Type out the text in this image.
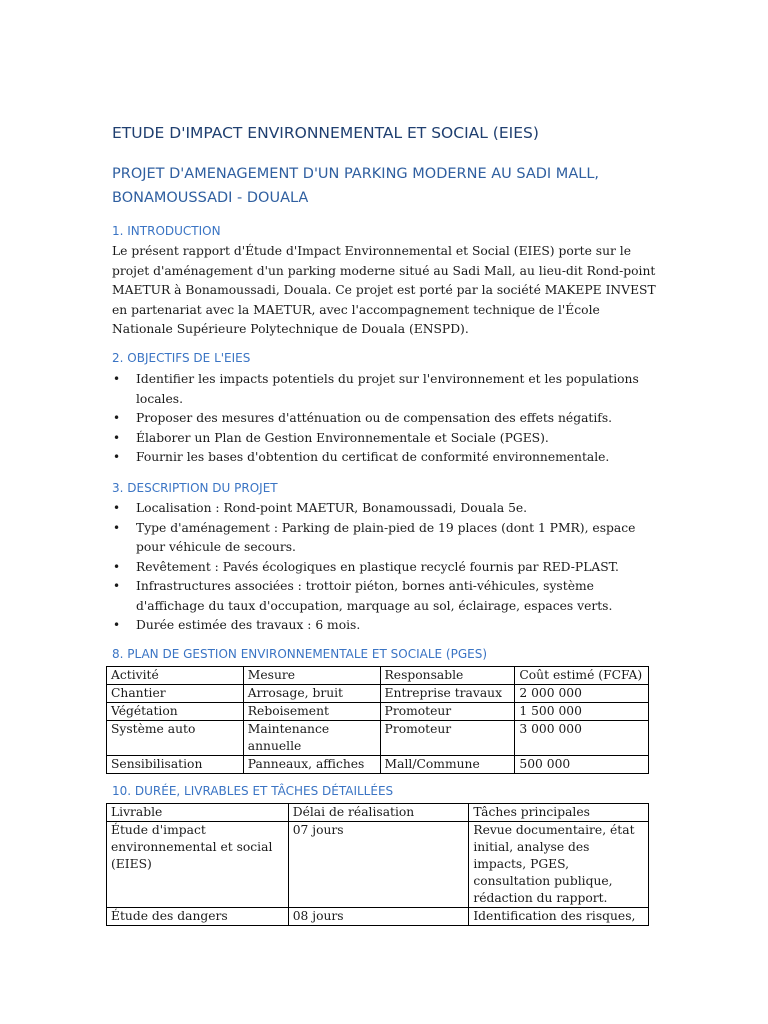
ETUDE D'IMPACT ENVIRONNEMENTAL ET SOCIAL (EIES)
PROJET D'AMENAGEMENT D'UN PARKING MODERNE AU SADI MALL, BONAMOUSSADI - DOUALA
1. INTRODUCTION
Le présent rapport d'Étude d'Impact Environnemental et Social (EIES) porte sur le projet d'aménagement d'un parking moderne situé au Sadi Mall, au lieu-dit Rond-point MAETUR à Bonamoussadi, Douala. Ce projet est porté par la société MAKEPE INVEST en partenariat avec la MAETUR, avec l'accompagnement technique de l'École Nationale Supérieure Polytechnique de Douala (ENSPD).
2. OBJECTIFS DE L'EIES
• Identifier les impacts potentiels du projet sur l'environnement et les populations locales.
• Proposer des mesures d'atténuation ou de compensation des effets négatifs.
• Élaborer un Plan de Gestion Environnementale et Sociale (PGES).
• Fournir les bases d'obtention du certificat de conformité environnementale.
3. DESCRIPTION DU PROJET
• Localisation : Rond-point MAETUR, Bonamoussadi, Douala 5e.
• Type d'aménagement : Parking de plain-pied de 19 places (dont 1 PMR), espace pour véhicule de secours.
• Revêtement : Pavés écologiques en plastique recyclé fournis par RED-PLAST.
• Infrastructures associées : trottoir piéton, bornes anti-véhicules, système d'affichage du taux d'occupation, marquage au sol, éclairage, espaces verts.
• Durée estimée des travaux : 6 mois.
8. PLAN DE GESTION ENVIRONNEMENTALE ET SOCIALE (PGES)
Activité	Mesure	Responsable	Coût estimé (FCFA)
Chantier	Arrosage, bruit	Entreprise travaux	2 000 000
Végétation	Reboisement	Promoteur	1 500 000
Système auto	Maintenance annuelle	Promoteur	3 000 000
Sensibilisation	Panneaux, affiches	Mall/Commune	500 000
10. DURÉE, LIVRABLES ET TÂCHES DÉTAILLÉES
Livrable	Délai de réalisation	Tâches principales
Étude d'impact environnemental et social (EIES)	07 jours	Revue documentaire, état initial, analyse des impacts, PGES, consultation publique, rédaction du rapport.
Étude des dangers	08 jours	Identification des risques,
